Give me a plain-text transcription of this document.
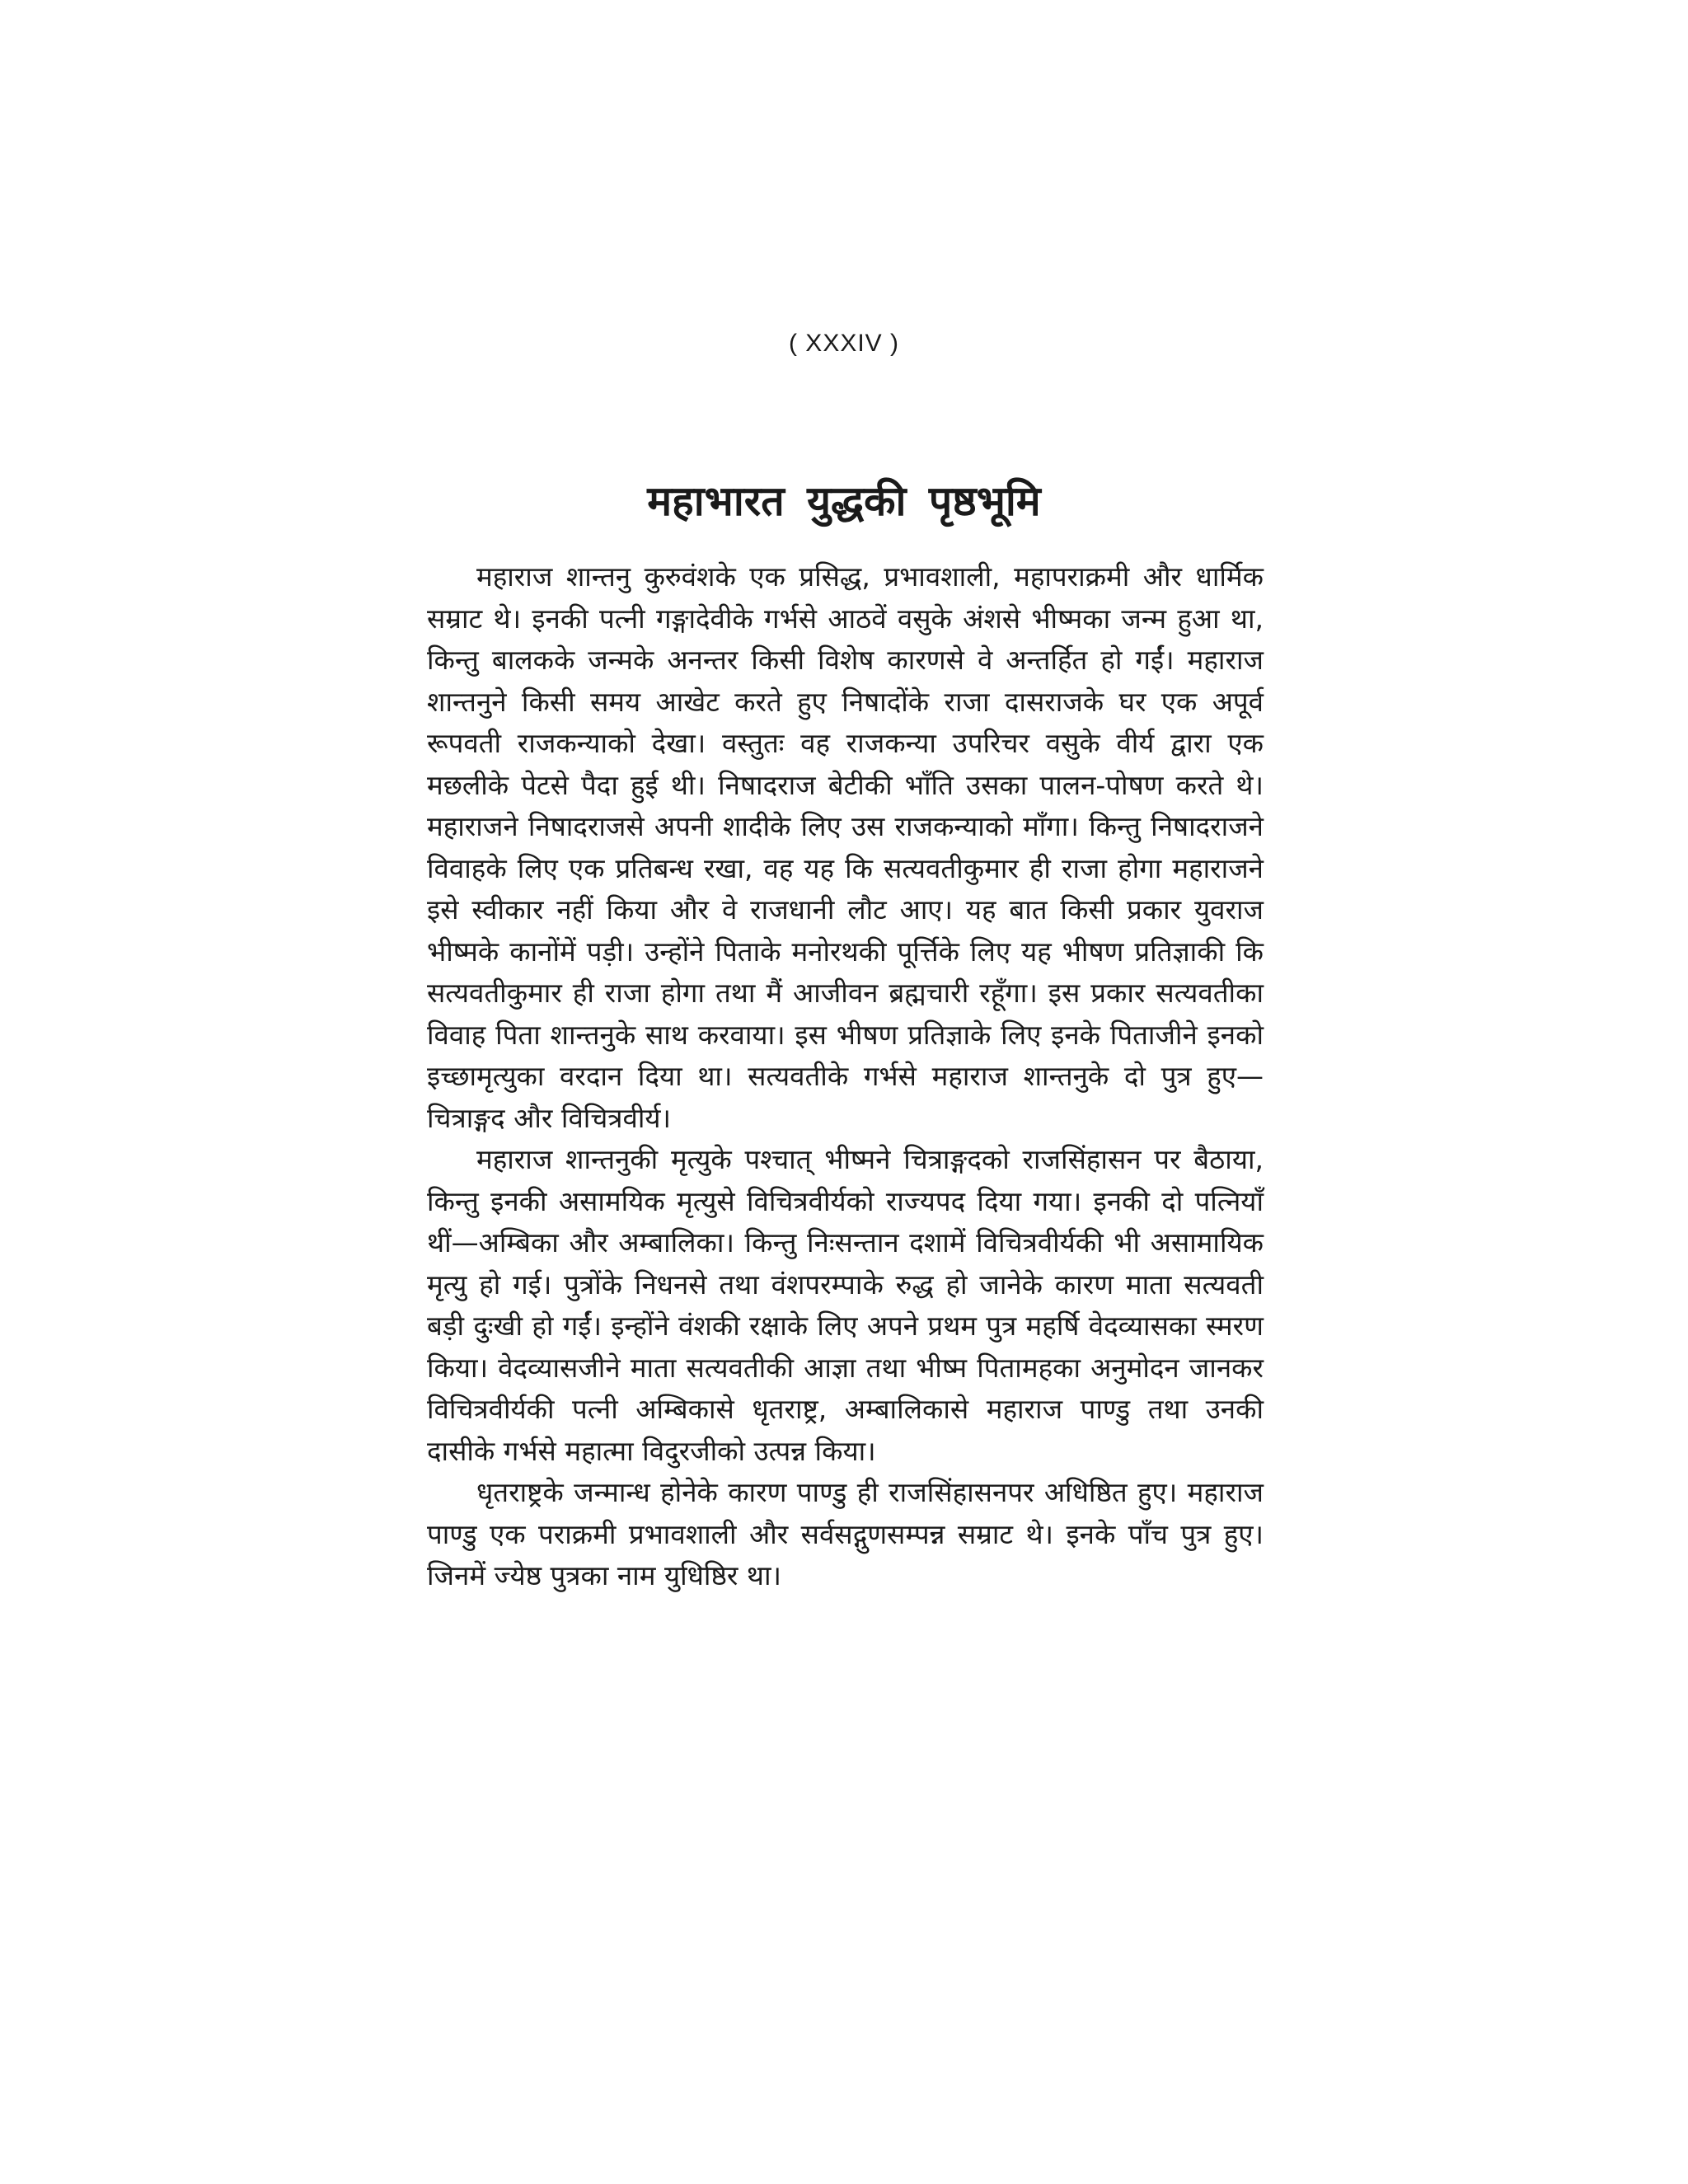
( XXXIV )
महाभारत युद्धकी पृष्ठभूमि

महाराज शान्तनु कुरुवंशके एक प्रसिद्ध, प्रभावशाली, महापराक्रमी और धार्मिक सम्राट थे। इनकी पत्नी गङ्गादेवीके गर्भसे आठवें वसुके अंशसे भीष्मका जन्म हुआ था, किन्तु बालकके जन्मके अनन्तर किसी विशेष कारणसे वे अन्तर्हित हो गईं। महाराज शान्तनुने किसी समय आखेट करते हुए निषादोंके राजा दासराजके घर एक अपूर्व रूपवती राजकन्याको देखा। वस्तुतः वह राजकन्या उपरिचर वसुके वीर्य द्वारा एक मछलीके पेटसे पैदा हुई थी। निषादराज बेटीकी भाँति उसका पालन-पोषण करते थे। महाराजने निषादराजसे अपनी शादीके लिए उस राजकन्याको माँगा। किन्तु निषादराजने विवाहके लिए एक प्रतिबन्ध रखा, वह यह कि सत्यवतीकुमार ही राजा होगा महाराजने इसे स्वीकार नहीं किया और वे राजधानी लौट आए। यह बात किसी प्रकार युवराज भीष्मके कानोंमें पड़ी। उन्होंने पिताके मनोरथकी पूर्त्तिके लिए यह भीषण प्रतिज्ञाकी कि सत्यवतीकुमार ही राजा होगा तथा मैं आजीवन ब्रह्मचारी रहूँगा। इस प्रकार सत्यवतीका विवाह पिता शान्तनुके साथ करवाया। इस भीषण प्रतिज्ञाके लिए इनके पिताजीने इनको इच्छामृत्युका वरदान दिया था। सत्यवतीके गर्भसे महाराज शान्तनुके दो पुत्र हुए—चित्राङ्गद और विचित्रवीर्य।

महाराज शान्तनुकी मृत्युके पश्चात् भीष्मने चित्राङ्गदको राजसिंहासन पर बैठाया, किन्तु इनकी असामयिक मृत्युसे विचित्रवीर्यको राज्यपद दिया गया। इनकी दो पत्नियाँ थीं—अम्बिका और अम्बालिका। किन्तु निःसन्तान दशामें विचित्रवीर्यकी भी असामायिक मृत्यु हो गई। पुत्रोंके निधनसे तथा वंशपरम्पाके रुद्ध हो जानेके कारण माता सत्यवती बड़ी दुःखी हो गईं। इन्होंने वंशकी रक्षाके लिए अपने प्रथम पुत्र महर्षि वेदव्यासका स्मरण किया। वेदव्यासजीने माता सत्यवतीकी आज्ञा तथा भीष्म पितामहका अनुमोदन जानकर विचित्रवीर्यकी पत्नी अम्बिकासे धृतराष्ट्र, अम्बालिकासे महाराज पाण्डु तथा उनकी दासीके गर्भसे महात्मा विदुरजीको उत्पन्न किया।

धृतराष्ट्रके जन्मान्ध होनेके कारण पाण्डु ही राजसिंहासनपर अधिष्ठित हुए। महाराज पाण्डु एक पराक्रमी प्रभावशाली और सर्वसद्गुणसम्पन्न सम्राट थे। इनके पाँच पुत्र हुए। जिनमें ज्येष्ठ पुत्रका नाम युधिष्ठिर था।
